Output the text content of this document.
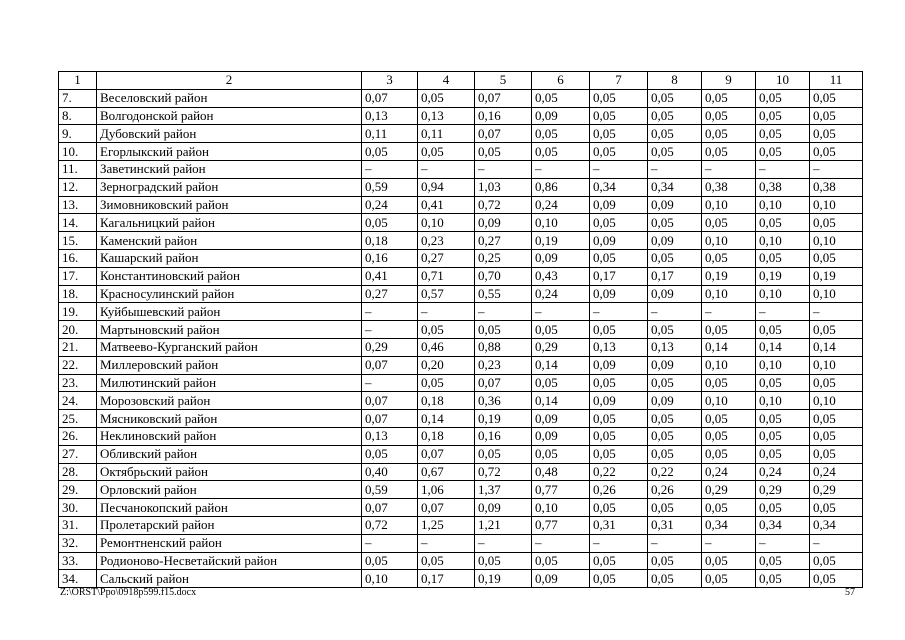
1	2	3	4	5	6	7	8	9	10	11
7.	Веселовский район	0,07	0,05	0,07	0,05	0,05	0,05	0,05	0,05	0,05
8.	Волгодонской район	0,13	0,13	0,16	0,09	0,05	0,05	0,05	0,05	0,05
9.	Дубовский район	0,11	0,11	0,07	0,05	0,05	0,05	0,05	0,05	0,05
10.	Егорлыкский район	0,05	0,05	0,05	0,05	0,05	0,05	0,05	0,05	0,05
11.	Заветинский район	–	–	–	–	–	–	–	–	–
12.	Зерноградский район	0,59	0,94	1,03	0,86	0,34	0,34	0,38	0,38	0,38
13.	Зимовниковский район	0,24	0,41	0,72	0,24	0,09	0,09	0,10	0,10	0,10
14.	Кагальницкий район	0,05	0,10	0,09	0,10	0,05	0,05	0,05	0,05	0,05
15.	Каменский район	0,18	0,23	0,27	0,19	0,09	0,09	0,10	0,10	0,10
16.	Кашарский район	0,16	0,27	0,25	0,09	0,05	0,05	0,05	0,05	0,05
17.	Константиновский район	0,41	0,71	0,70	0,43	0,17	0,17	0,19	0,19	0,19
18.	Красносулинский район	0,27	0,57	0,55	0,24	0,09	0,09	0,10	0,10	0,10
19.	Куйбышевский район	–	–	–	–	–	–	–	–	–
20.	Мартыновский район	–	0,05	0,05	0,05	0,05	0,05	0,05	0,05	0,05
21.	Матвеево-Курганский район	0,29	0,46	0,88	0,29	0,13	0,13	0,14	0,14	0,14
22.	Миллеровский район	0,07	0,20	0,23	0,14	0,09	0,09	0,10	0,10	0,10
23.	Милютинский район	–	0,05	0,07	0,05	0,05	0,05	0,05	0,05	0,05
24.	Морозовский район	0,07	0,18	0,36	0,14	0,09	0,09	0,10	0,10	0,10
25.	Мясниковский район	0,07	0,14	0,19	0,09	0,05	0,05	0,05	0,05	0,05
26.	Неклиновский район	0,13	0,18	0,16	0,09	0,05	0,05	0,05	0,05	0,05
27.	Обливский район	0,05	0,07	0,05	0,05	0,05	0,05	0,05	0,05	0,05
28.	Октябрьский район	0,40	0,67	0,72	0,48	0,22	0,22	0,24	0,24	0,24
29.	Орловский район	0,59	1,06	1,37	0,77	0,26	0,26	0,29	0,29	0,29
30.	Песчанокопский район	0,07	0,07	0,09	0,10	0,05	0,05	0,05	0,05	0,05
31.	Пролетарский район	0,72	1,25	1,21	0,77	0,31	0,31	0,34	0,34	0,34
32.	Ремонтненский район	–	–	–	–	–	–	–	–	–
33.	Родионово-Несветайский район	0,05	0,05	0,05	0,05	0,05	0,05	0,05	0,05	0,05
34.	Сальский район	0,10	0,17	0,19	0,09	0,05	0,05	0,05	0,05	0,05
Z:\ORST\Ppo\0918p599.f15.docx	57
